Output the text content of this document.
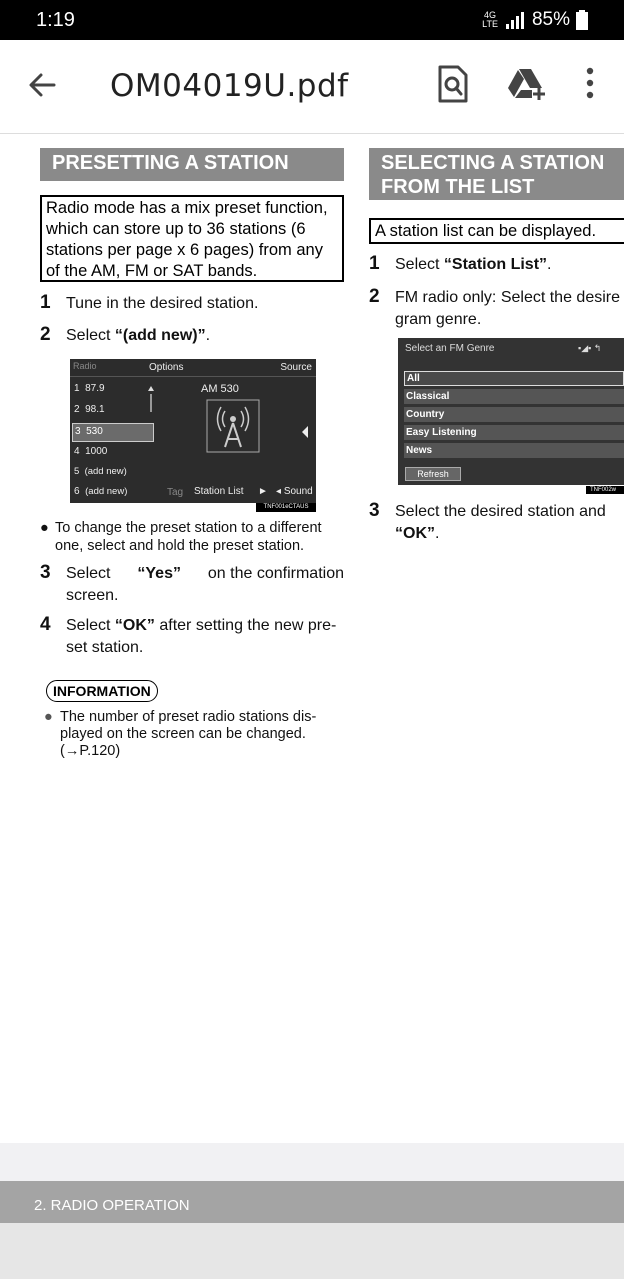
1:19	4G
LTE 85%
OM04019U.pdf
PRESETTING A STATION
Radio mode has a mix preset function,
which can store up to 36 stations (6
stations per page x 6 pages) from any
of the AM, FM or SAT bands.
1 Tune in the desired station.
2 Select “(add new)”.
Radio	Options	Source
1 87.9
2 98.1
3 530
4 1000
5 (add new)
AM 530
6 (add new)	Tag Station List ► ◂ Sound
TNF001eCTAUS
● To change the preset station to a different
one, select and hold the preset station.
3 Select “Yes” on the confirmation
screen.
4 Select “OK” after setting the new pre-
set station.
INFORMATION
● The number of preset radio stations dis-
played on the screen can be changed.
(→P.120)
SELECTING A STATION
FROM THE LIST
A station list can be displayed.
1 Select “Station List”.
2 FM radio only: Select the desire
gram genre.
Select an FM Genre	▪◢▪ ↰
All
Classical
Country
Easy Listening
News
Refresh
TNF002w
3 Select the desired station and
“OK”.
2. RADIO OPERATION
